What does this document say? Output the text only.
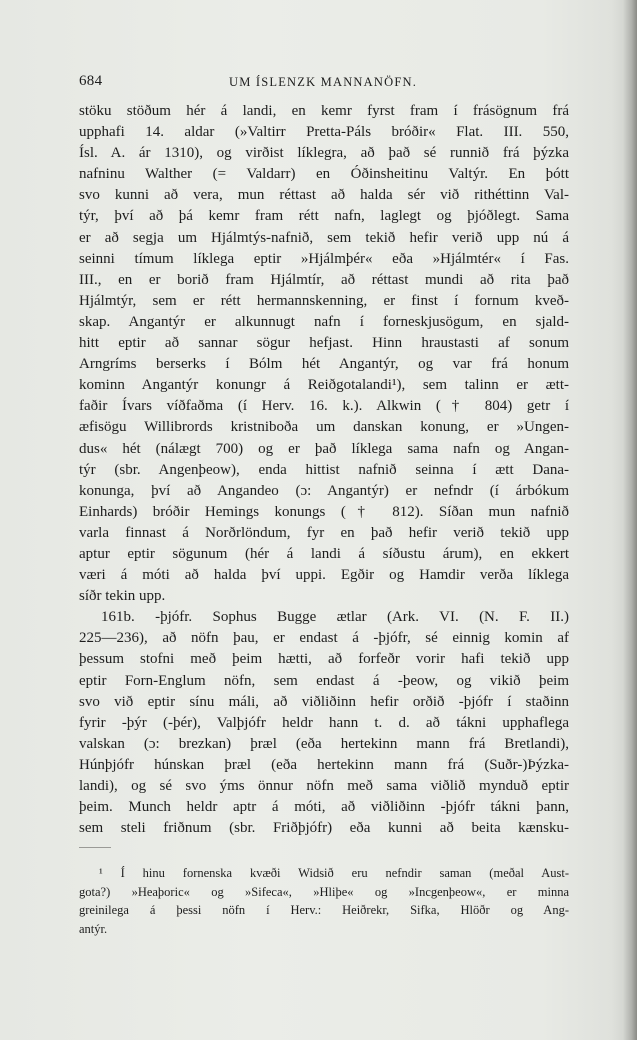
684	UM ÍSLENZK MANNANÖFN.
stöku stöðum hér á landi, en kemr fyrst fram í frásögnum frá
upphafi 14. aldar (»Valtirr Pretta-Páls bróðir« Flat. III. 550,
Ísl. A. ár 1310), og virðist líklegra, að það sé runnið frá þýzka
nafninu Walther (= Valdarr) en Óðinsheitinu Valtýr. En þótt
svo kunni að vera, mun réttast að halda sér við rithéttinn Val-
týr, því að þá kemr fram rétt nafn, laglegt og þjóðlegt. Sama
er að segja um Hjálmtýs-nafnið, sem tekið hefir verið upp nú á
seinni tímum líklega eptir »Hjálmþér« eða »Hjálmtér« í Fas.
III., en er borið fram Hjálmtír, að réttast mundi að rita það
Hjálmtýr, sem er rétt hermannskenning, er finst í fornum kveð-
skap. Angantýr er alkunnugt nafn í forneskjusögum, en sjald-
hitt eptir að sannar sögur hefjast. Hinn hraustasti af sonum
Arngríms berserks í Bólm hét Angantýr, og var frá honum
kominn Angantýr konungr á Reiðgotalandi¹), sem talinn er ætt-
faðir Ívars víðfaðma (í Herv. 16. k.). Alkwin († 804) getr í
æfisögu Willibrords kristniboða um danskan konung, er »Ungen-
dus« hét (nálægt 700) og er það líklega sama nafn og Angan-
týr (sbr. Angenþeow), enda hittist nafnið seinna í ætt Dana-
konunga, því að Angandeo (ɔ: Angantýr) er nefndr (í árbókum
Einhards) bróðir Hemings konungs († 812). Síðan mun nafnið
varla finnast á Norðrlöndum, fyr en það hefir verið tekið upp
aptur eptir sögunum (hér á landi á síðustu árum), en ekkert
væri á móti að halda því uppi. Egðir og Hamdir verða líklega
síðr tekin upp.
161b. -þjófr. Sophus Bugge ætlar (Ark. VI. (N. F. II.)
225—236), að nöfn þau, er endast á -þjófr, sé einnig komin af
þessum stofni með þeim hætti, að forfeðr vorir hafi tekið upp
eptir Forn-Englum nöfn, sem endast á -þeow, og vikið þeim
svo við eptir sínu máli, að viðliðinn hefir orðið -þjófr í staðinn
fyrir -þýr (-þér), Valþjófr heldr hann t. d. að tákni upphaflega
valskan (ɔ: brezkan) þræl (eða hertekinn mann frá Bretlandi),
Húnþjófr húnskan þræl (eða hertekinn mann frá (Suðr-)Þýzka-
landi), og sé svo ýms önnur nöfn með sama viðlið mynduð eptir
þeim. Munch heldr aptr á móti, að viðliðinn -þjófr tákni þann,
sem steli friðnum (sbr. Friðþjófr) eða kunni að beita kænsku-
¹ Í hinu fornenska kvæði Widsið eru nefndir saman (meðal Aust-
gota?) »Heaþoric« og »Sifeca«, »Hliþe« og »Incgenþeow«, er minna
greinilega á þessi nöfn í Herv.: Heiðrekr, Sifka, Hlöðr og Ang-
antýr.
